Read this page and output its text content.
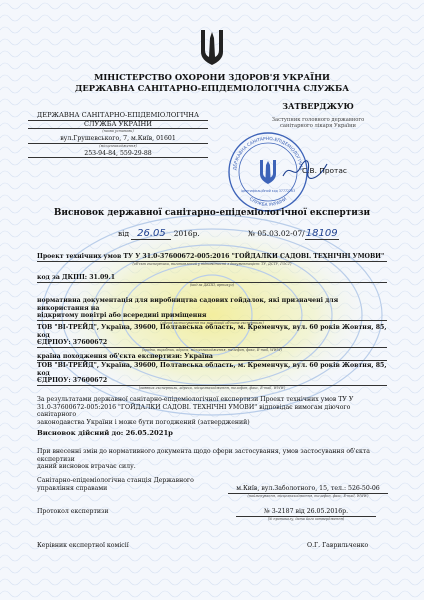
МІНІСТЕРСТВО ОХОРОНИ ЗДОРОВ'Я УКРАЇНИ
ДЕРЖАВНА САНІТАРНО-ЕПІДЕМІОЛОГІЧНА СЛУЖБА
ДЕРЖАВНА САНІТАРНО-ЕПІДЕМІОЛОГІЧНА
СЛУЖБА УКРАЇНИ
(назва установи)
вул.Грушевського, 7, м.Київ, 01601
(місцезнаходження)
253-94-84, 559-29-88
ЗАТВЕРДЖУЮ
Заступник головного державного
санітарного лікаря України
ДЕРЖАВНА САНІТАРНО-ЕПІДЕМІОЛОГІЧНА
СЛУЖБА УКРАЇНИ
ідентифікаційний код 37772263
С.В. Протас
Висновок державної санітарно-епідеміологічної експертизи
від 26.05 2016р.	№ 05.03.02-07/18109
Проект технічних умов ТУ У 31.0-37600672-005:2016 "ГОЙДАЛКИ САДОВІ. ТЕХНІЧНІ УМОВИ"
(об'єкт експертизи, виготовлений у відповідності з документацією: ТУ, ДСТУ, ГОСТ)
код за ДКПП: 31.09.1
(код за ДКПП, артикул)
нормативна документація для виробництва садових гойдалок, які призначені для використання на
відкритому повітрі або всередині приміщення
(сфера застосування та реалізації об'єкта експертизи)
ТОВ "ВІ-ТРЕЙД", Україна, 39600, Полтавська область, м. Кременчук, вул. 60 років Жовтня, 85, код
ЄДРПОУ: 37600672
(країна, виробник, адреса, місцезнаходження, телефон, факс, E-mail, WWW)
країна походження об'єкта експертизи: Україна
ТОВ "ВІ-ТРЕЙД", Україна, 39600, Полтавська область, м. Кременчук, вул. 60 років Жовтня, 85, код
ЄДРПОУ: 37600672
(заявник експертизи, адреса, місцезнаходження, телефон, факс, E-mail, WWW)
За результатами державної санітарно-епідеміологічної експертизи Проект технічних умов ТУ У
31.0-37600672-005:2016 "ГОЙДАЛКИ САДОВІ. ТЕХНІЧНІ УМОВИ" відповідає вимогам діючого санітарного
законодавства України і може бути погоджений (затверджений)
Висновок дійсний до: 26.05.2021р
При внесенні змін до нормативного документа щодо сфери застосування, умов застосування об'єкта експертизи
даний висновок втрачає силу.
Санітарно-епідеміологічна станція Державного
управління справами	м.Київ, вул.Заболотного, 15, тел.: 526-50-06
(найменування, місцезнаходження, телефон, факс, E-mail, WWW)
Протокол експертизи	№ 3-2187 від 26.05.2016р.
(№ протоколу, дата його затвердження)
Керівник експертної комісії	О.Г. Гаврильченко
